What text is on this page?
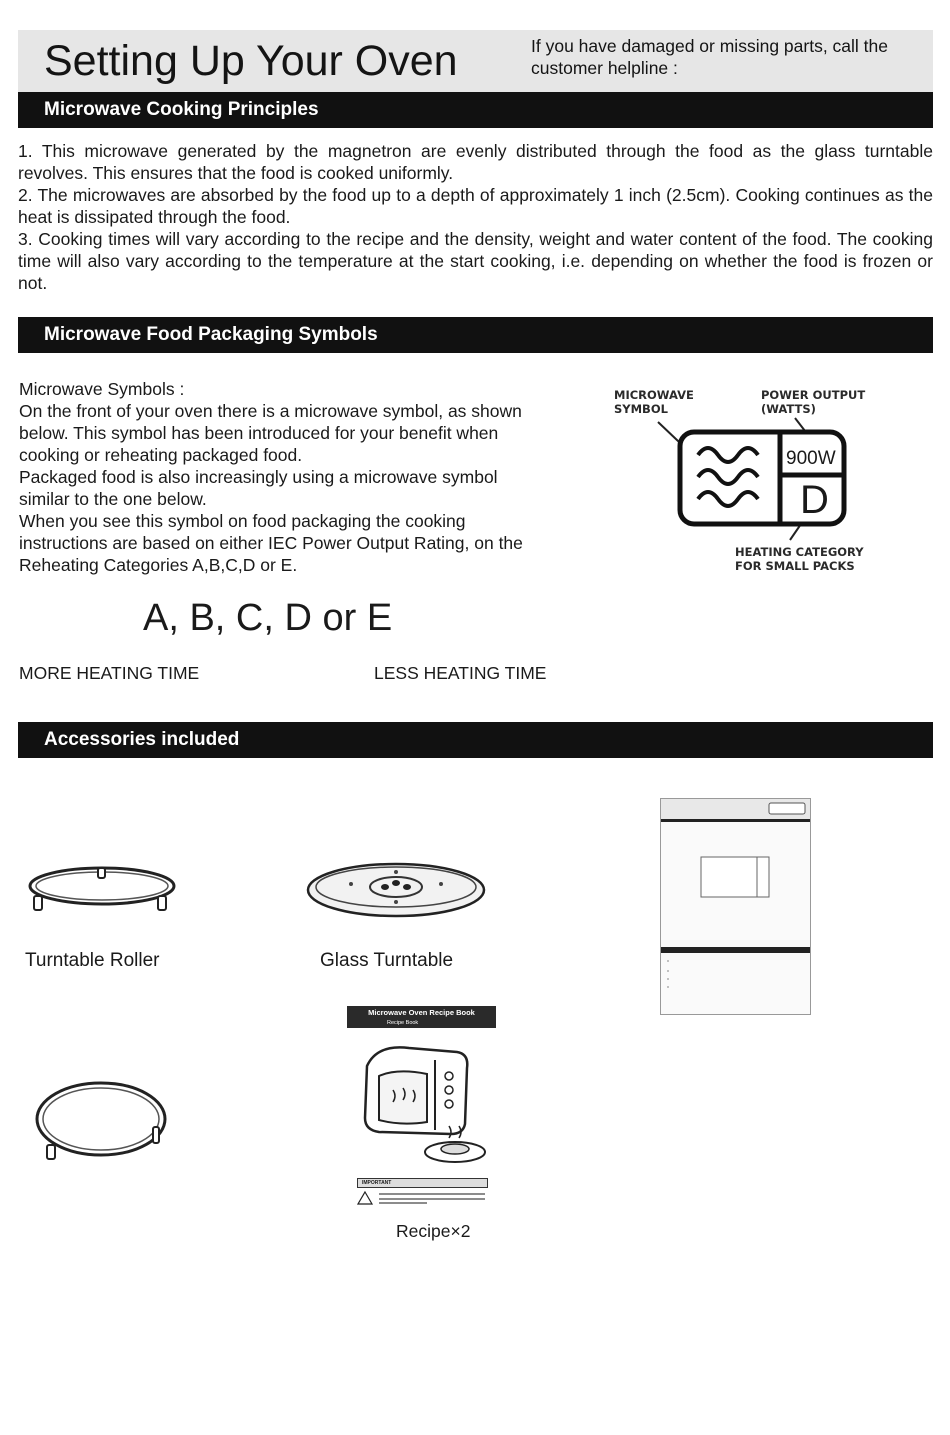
Setting Up Your Oven	If you have damaged or missing parts, call the customer helpline :
Microwave Cooking Principles
1. This microwave generated by the magnetron are evenly distributed through the food as the glass turntable revolves. This ensures that the food is cooked uniformly.
2. The microwaves are absorbed by the food up to a depth of approximately 1 inch (2.5cm). Cooking continues as the heat is dissipated through the food.
3. Cooking times will vary according to the recipe and the density, weight and water content of the food. The cooking time will also vary according to the temperature at the start cooking, i.e. depending on whether the food is frozen or not.
Microwave Food Packaging Symbols
Microwave Symbols :
On the front of your oven there is a microwave symbol, as shown
below. This symbol has been introduced for your benefit when
cooking or reheating packaged food.
Packaged food is also increasingly using a microwave symbol
similar to the one below.
When you see this symbol on food packaging the cooking
instructions are based on either IEC Power Output Rating, on the
Reheating Categories A,B,C,D or E.
A, B, C, D or E
MORE HEATING TIME	LESS HEATING TIME
MICROWAVE
SYMBOL
POWER OUTPUT
(WATTS)
900W
D
HEATING CATEGORY
FOR SMALL PACKS
Accessories included
Turntable Roller	Glass Turntable
Microwave Oven Recipe Book
Recipe Book
IMPORTANT
Recipe×2
